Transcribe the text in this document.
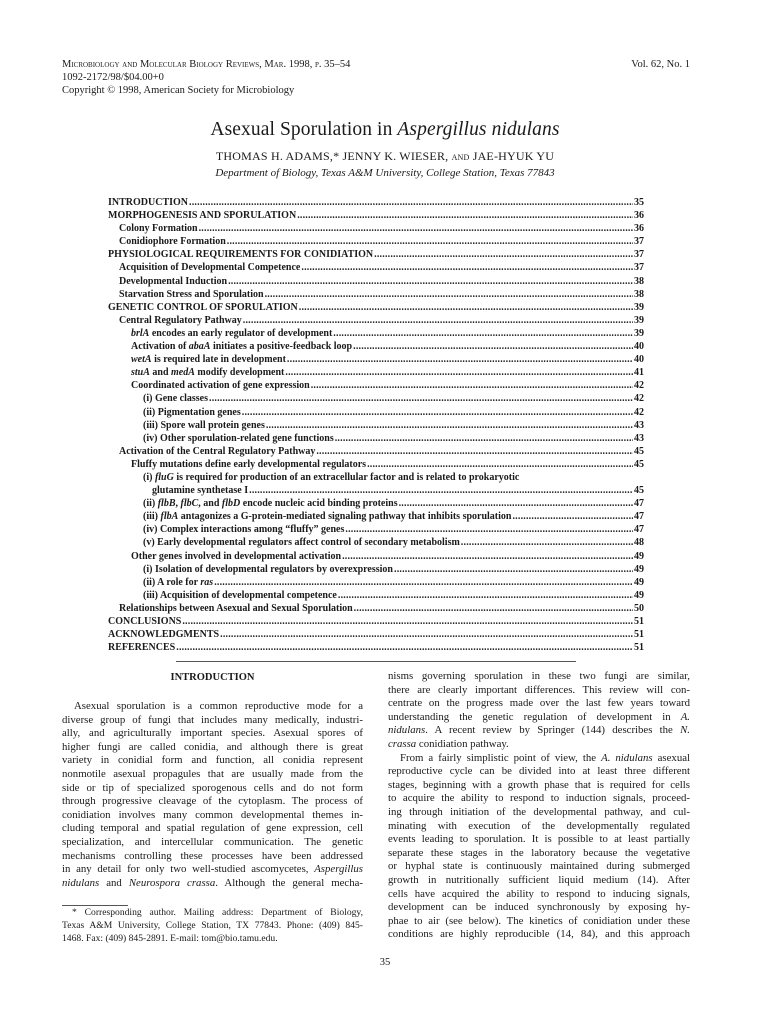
Microbiology and Molecular Biology Reviews, Mar. 1998, p. 35–54
1092-2172/98/$04.00+0
Copyright © 1998, American Society for Microbiology
Vol. 62, No. 1
Asexual Sporulation in Aspergillus nidulans
THOMAS H. ADAMS,* JENNY K. WIESER, and JAE-HYUK YU
Department of Biology, Texas A&M University, College Station, Texas 77843
INTRODUCTION .....	35
MORPHOGENESIS AND SPORULATION .....	36
Colony Formation .....	36
Conidiophore Formation .....	37
PHYSIOLOGICAL REQUIREMENTS FOR CONIDIATION .....	37
Acquisition of Developmental Competence .....	37
Developmental Induction .....	38
Starvation Stress and Sporulation .....	38
GENETIC CONTROL OF SPORULATION .....	39
Central Regulatory Pathway .....	39
brlA encodes an early regulator of development .....	39
Activation of abaA initiates a positive-feedback loop .....	40
wetA is required late in development .....	40
stuA and medA modify development .....	41
Coordinated activation of gene expression .....	42
(i) Gene classes .....	42
(ii) Pigmentation genes .....	42
(iii) Spore wall protein genes .....	43
(iv) Other sporulation-related gene functions .....	43
Activation of the Central Regulatory Pathway .....	45
Fluffy mutations define early developmental regulators .....	45
(i) fluG is required for production of an extracellular factor and is related to prokaryotic
glutamine synthetase I .....	45
(ii) flbB, flbC, and flbD encode nucleic acid binding proteins .....	47
(iii) flbA antagonizes a G-protein-mediated signaling pathway that inhibits sporulation .....	47
(iv) Complex interactions among “fluffy” genes .....	47
(v) Early developmental regulators affect control of secondary metabolism .....	48
Other genes involved in developmental activation .....	49
(i) Isolation of developmental regulators by overexpression .....	49
(ii) A role for ras .....	49
(iii) Acquisition of developmental competence .....	49
Relationships between Asexual and Sexual Sporulation .....	50
CONCLUSIONS .....	51
ACKNOWLEDGMENTS .....	51
REFERENCES .....	51
INTRODUCTION
Asexual sporulation is a common reproductive mode for a
diverse group of fungi that includes many medically, industri-
ally, and agriculturally important species. Asexual spores of
higher fungi are called conidia, and although there is great
variety in conidial form and function, all conidia represent
nonmotile asexual propagules that are usually made from the
side or tip of specialized sporogenous cells and do not form
through progressive cleavage of the cytoplasm. The process of
conidiation involves many common developmental themes in-
cluding temporal and spatial regulation of gene expression, cell
specialization, and intercellular communication. The genetic
mechanisms controlling these processes have been addressed
in any detail for only two well-studied ascomycetes, Aspergillus
nidulans and Neurospora crassa. Although the general mecha-
* Corresponding author. Mailing address: Department of Biology,
Texas A&M University, College Station, TX 77843. Phone: (409) 845-
1468. Fax: (409) 845-2891. E-mail: tom@bio.tamu.edu.
nisms governing sporulation in these two fungi are similar,
there are clearly important differences. This review will con-
centrate on the progress made over the last few years toward
understanding the genetic regulation of development in A.
nidulans. A recent review by Springer (144) describes the N.
crassa conidiation pathway.
From a fairly simplistic point of view, the A. nidulans asexual
reproductive cycle can be divided into at least three different
stages, beginning with a growth phase that is required for cells
to acquire the ability to respond to induction signals, proceed-
ing through initiation of the developmental pathway, and cul-
minating with execution of the developmentally regulated
events leading to sporulation. It is possible to at least partially
separate these stages in the laboratory because the vegetative
or hyphal state is continuously maintained during submerged
growth in nutritionally sufficient liquid medium (14). After
cells have acquired the ability to respond to inducing signals,
development can be induced synchronously by exposing hy-
phae to air (see below). The kinetics of conidiation under these
conditions are highly reproducible (14, 84), and this approach
35
